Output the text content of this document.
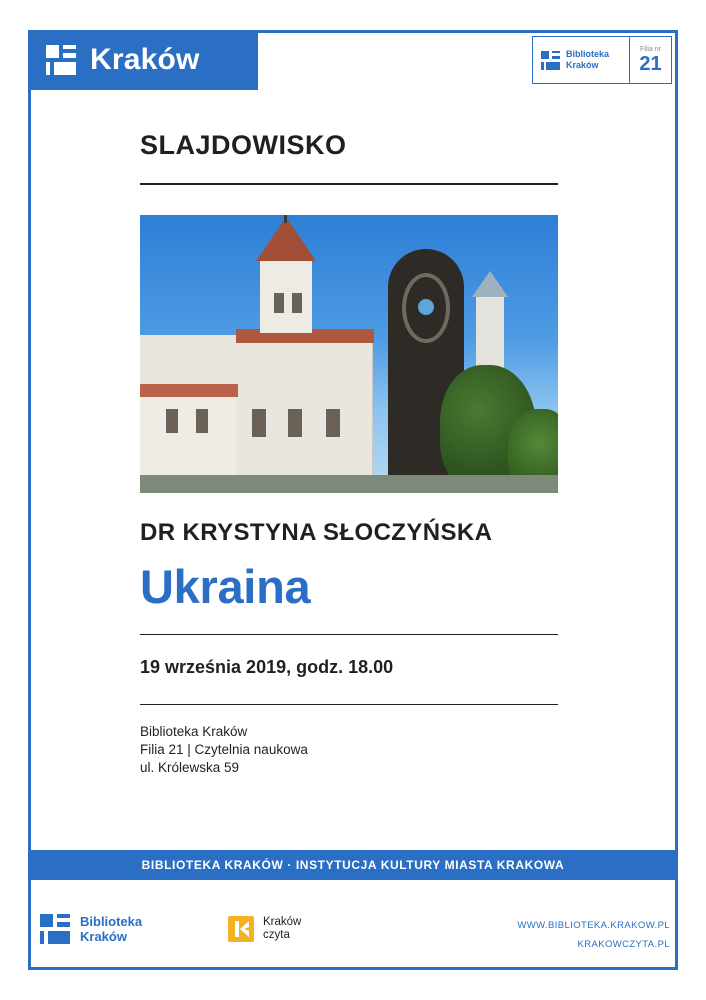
Kraków	Biblioteka
Kraków
Filia nr
21
SLAJDOWISKO
DR KRYSTYNA SŁOCZYŃSKA
Ukraina
19 września 2019, godz. 18.00
Biblioteka Kraków
Filia 21 | Czytelnia naukowa
ul. Królewska 59
BIBLIOTEKA KRAKÓW · INSTYTUCJA KULTURY MIASTA KRAKOWA
Biblioteka
Kraków
Kraków
czyta
WWW.BIBLIOTEKA.KRAKOW.PL
KRAKOWCZYTA.PL
